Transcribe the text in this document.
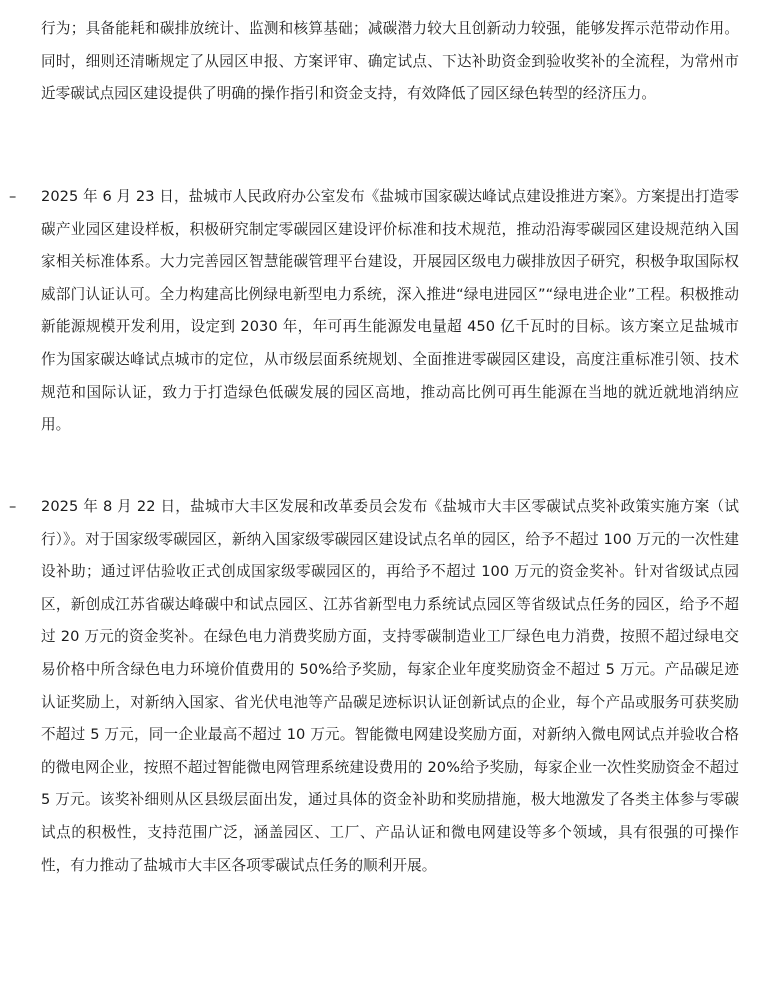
行为；具备能耗和碳排放统计、监测和核算基础；减碳潜力较大且创新动力较强，能够发挥示范带动作用。同时，细则还清晰规定了从园区申报、方案评审、确定试点、下达补助资金到验收奖补的全流程，为常州市近零碳试点园区建设提供了明确的操作指引和资金支持，有效降低了园区绿色转型的经济压力。

– 2025 年 6 月 23 日，盐城市人民政府办公室发布《盐城市国家碳达峰试点建设推进方案》。方案提出打造零碳产业园区建设样板，积极研究制定零碳园区建设评价标准和技术规范，推动沿海零碳园区建设规范纳入国家相关标准体系。大力完善园区智慧能碳管理平台建设，开展园区级电力碳排放因子研究，积极争取国际权威部门认证认可。全力构建高比例绿电新型电力系统，深入推进“绿电进园区”“绿电进企业”工程。积极推动新能源规模开发利用，设定到 2030 年，年可再生能源发电量超 450 亿千瓦时的目标。该方案立足盐城市作为国家碳达峰试点城市的定位，从市级层面系统规划、全面推进零碳园区建设，高度注重标准引领、技术规范和国际认证，致力于打造绿色低碳发展的园区高地，推动高比例可再生能源在当地的就近就地消纳应用。

– 2025 年 8 月 22 日，盐城市大丰区发展和改革委员会发布《盐城市大丰区零碳试点奖补政策实施方案（试行）》。对于国家级零碳园区，新纳入国家级零碳园区建设试点名单的园区，给予不超过 100 万元的一次性建设补助；通过评估验收正式创成国家级零碳园区的，再给予不超过 100 万元的资金奖补。针对省级试点园区，新创成江苏省碳达峰碳中和试点园区、江苏省新型电力系统试点园区等省级试点任务的园区，给予不超过 20 万元的资金奖补。在绿色电力消费奖励方面，支持零碳制造业工厂绿色电力消费，按照不超过绿电交易价格中所含绿色电力环境价值费用的 50%给予奖励，每家企业年度奖励资金不超过 5 万元。产品碳足迹认证奖励上，对新纳入国家、省光伏电池等产品碳足迹标识认证创新试点的企业，每个产品或服务可获奖励不超过 5 万元，同一企业最高不超过 10 万元。智能微电网建设奖励方面，对新纳入微电网试点并验收合格的微电网企业，按照不超过智能微电网管理系统建设费用的 20%给予奖励，每家企业一次性奖励资金不超过 5 万元。该奖补细则从区县级层面出发，通过具体的资金补助和奖励措施，极大地激发了各类主体参与零碳试点的积极性，支持范围广泛，涵盖园区、工厂、产品认证和微电网建设等多个领域，具有很强的可操作性，有力推动了盐城市大丰区各项零碳试点任务的顺利开展。
